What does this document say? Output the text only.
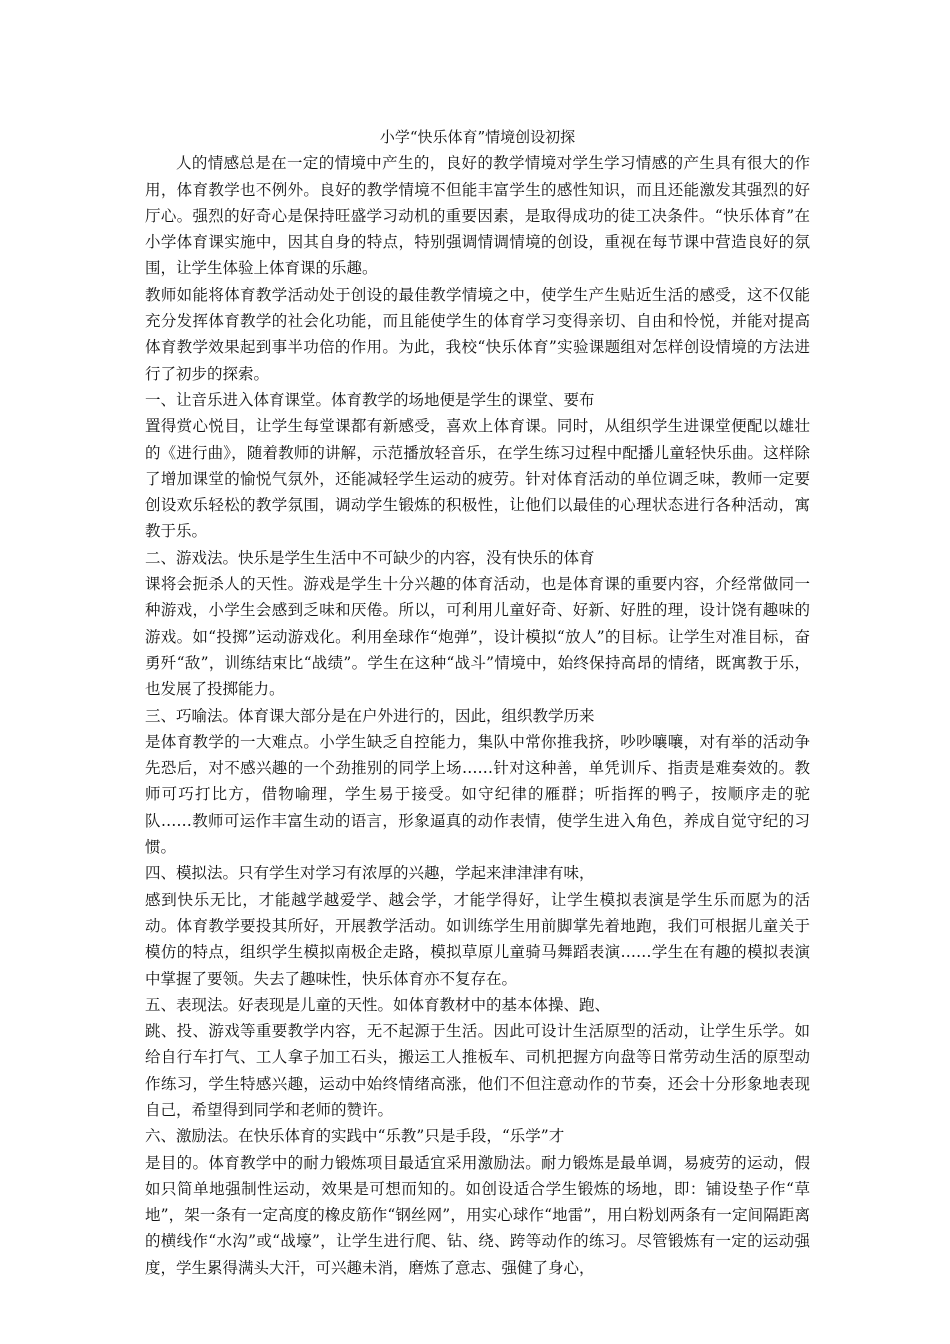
小学“快乐体育”情境创设初探

人的情感总是在一定的情境中产生的，良好的教学情境对学生学习情感的产生具有很大的作用，体育教学也不例外。良好的教学情境不但能丰富学生的感性知识，而且还能激发其强烈的好厅心。强烈的好奇心是保持旺盛学习动机的重要因素，是取得成功的徒工决条件。“快乐体育”在小学体育课实施中，因其自身的特点，特别强调情调情境的创设，重视在每节课中营造良好的氛围，让学生体验上体育课的乐趣。

教师如能将体育教学活动处于创设的最佳教学情境之中，使学生产生贴近生活的感受，这不仅能充分发挥体育教学的社会化功能，而且能使学生的体育学习变得亲切、自由和怜悦，并能对提高体育教学效果起到事半功倍的作用。为此，我校“快乐体育”实验课题组对怎样创设情境的方法进行了初步的探索。

一、让音乐进入体育课堂。体育教学的场地便是学生的课堂、要布

置得赏心悦目，让学生每堂课都有新感受，喜欢上体育课。同时，从组织学生进课堂便配以雄壮的《进行曲》，随着教师的讲解，示范播放轻音乐，在学生练习过程中配播儿童轻快乐曲。这样除了增加课堂的愉悦气氛外，还能减轻学生运动的疲劳。针对体育活动的单位调乏味，教师一定要创设欢乐轻松的教学氛围，调动学生锻炼的积极性，让他们以最佳的心理状态进行各种活动，寓教于乐。

二、游戏法。快乐是学生生活中不可缺少的内容，没有快乐的体育

课将会扼杀人的天性。游戏是学生十分兴趣的体育活动，也是体育课的重要内容，介经常做同一种游戏，小学生会感到乏味和厌倦。所以，可利用儿童好奇、好新、好胜的理，设计饶有趣味的游戏。如“投掷”运动游戏化。利用垒球作“炮弹”，设计模拟“放人”的目标。让学生对准目标，奋勇歼“敌”，训练结束比“战绩”。学生在这种“战斗”情境中，始终保持高昂的情绪，既寓教于乐，也发展了投掷能力。

三、巧喻法。体育课大部分是在户外进行的，因此，组织教学历来

是体育教学的一大难点。小学生缺乏自控能力，集队中常你推我挤，吵吵嚷嚷，对有举的活动争先恐后，对不感兴趣的一个劲推别的同学上场……针对这种善，单凭训斥、指责是难奏效的。教师可巧打比方，借物喻理，学生易于接受。如守纪律的雁群；听指挥的鸭子，按顺序走的驼队……教师可运作丰富生动的语言，形象逼真的动作表情，使学生进入角色，养成自觉守纪的习惯。

四、模拟法。只有学生对学习有浓厚的兴趣，学起来津津津有味，

感到快乐无比，才能越学越爱学、越会学，才能学得好，让学生模拟表演是学生乐而愿为的活动。体育教学要投其所好，开展教学活动。如训练学生用前脚掌先着地跑，我们可根据儿童关于模仿的特点，组织学生模拟南极企走路，模拟草原儿童骑马舞蹈表演……学生在有趣的模拟表演中掌握了要领。失去了趣味性，快乐体育亦不复存在。

五、表现法。好表现是儿童的天性。如体育教材中的基本体操、跑、

跳、投、游戏等重要教学内容，无不起源于生活。因此可设计生活原型的活动，让学生乐学。如给自行车打气、工人拿子加工石头，搬运工人推板车、司机把握方向盘等日常劳动生活的原型动作练习，学生特感兴趣，运动中始终情绪高涨，他们不但注意动作的节奏，还会十分形象地表现自己，希望得到同学和老师的赞许。

六、激励法。在快乐体育的实践中“乐教”只是手段，“乐学”才

是目的。体育教学中的耐力锻炼项目最适宜采用激励法。耐力锻炼是最单调，易疲劳的运动，假如只简单地强制性运动，效果是可想而知的。如创设适合学生锻炼的场地，即：铺设垫子作“草地”，架一条有一定高度的橡皮筋作“钢丝网”，用实心球作“地雷”，用白粉划两条有一定间隔距离的横线作“水沟”或“战壕”，让学生进行爬、钻、绕、跨等动作的练习。尽管锻炼有一定的运动强度，学生累得满头大汗，可兴趣未消，磨炼了意志、强健了身心，
